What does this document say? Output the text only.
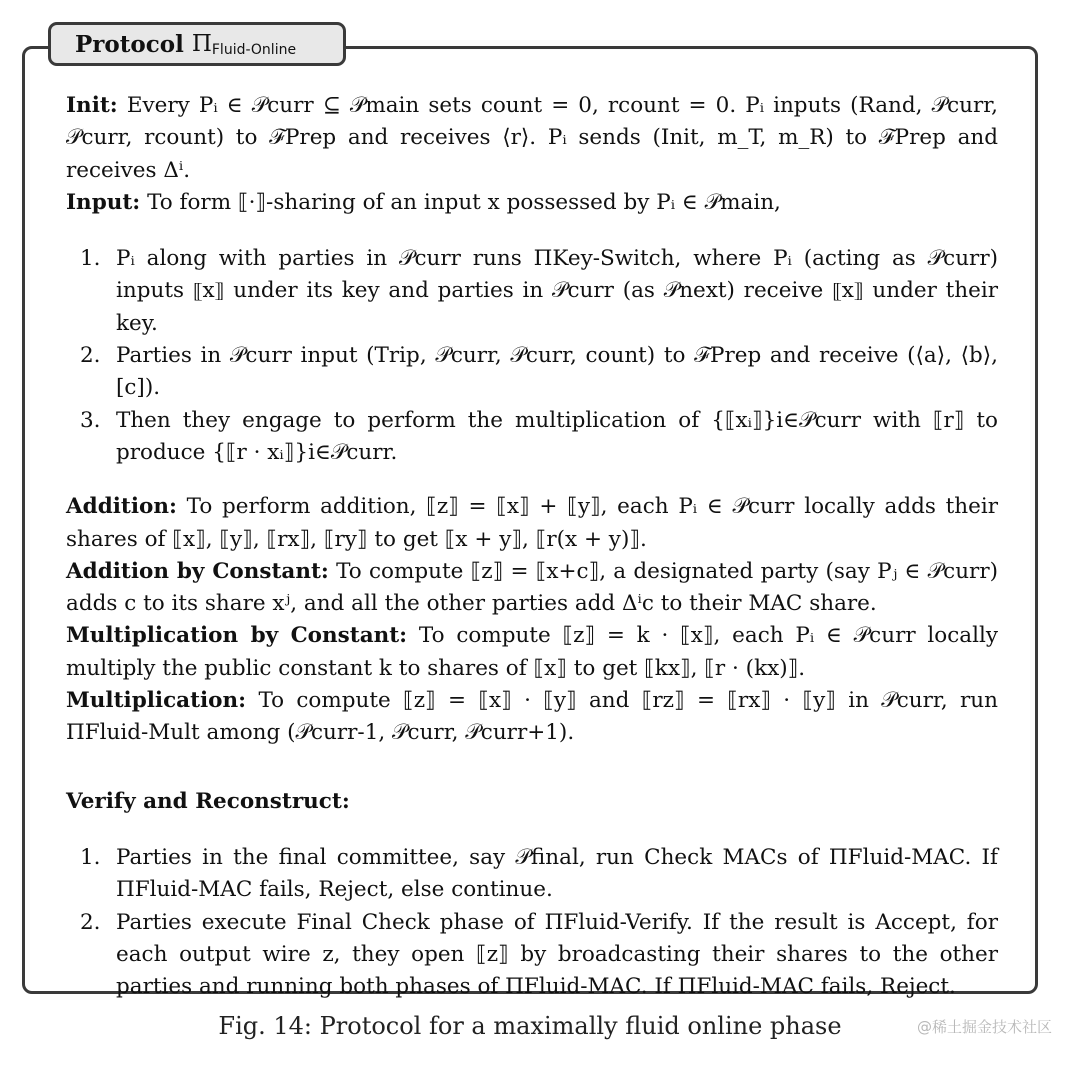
Protocol Π Fluid-Online

Init: Every Pᵢ ∈ 𝒫curr ⊆ 𝒫main sets count = 0, rcount = 0. Pᵢ inputs (Rand, 𝒫curr, 𝒫curr, rcount) to ℱPrep and receives ⟨r⟩. Pᵢ sends (Init, m_T, m_R) to ℱPrep and receives Δⁱ.

Input: To form ⟦·⟧-sharing of an input x possessed by Pᵢ ∈ 𝒫main,

1. Pᵢ along with parties in 𝒫curr runs ΠKey-Switch, where Pᵢ (acting as 𝒫curr) inputs ⟦x⟧ under its key and parties in 𝒫curr (as 𝒫next) receive ⟦x⟧ under their key.
2. Parties in 𝒫curr input (Trip, 𝒫curr, 𝒫curr, count) to ℱPrep and receive (⟨a⟩, ⟨b⟩, [c]).
3. Then they engage to perform the multiplication of {⟦xᵢ⟧}i∈𝒫curr with ⟦r⟧ to produce {⟦r · xᵢ⟧}i∈𝒫curr.

Addition: To perform addition, ⟦z⟧ = ⟦x⟧ + ⟦y⟧, each Pᵢ ∈ 𝒫curr locally adds their shares of ⟦x⟧, ⟦y⟧, ⟦rx⟧, ⟦ry⟧ to get ⟦x + y⟧, ⟦r(x + y)⟧.

Addition by Constant: To compute ⟦z⟧ = ⟦x+c⟧, a designated party (say Pⱼ ∈ 𝒫curr) adds c to its share xʲ, and all the other parties add Δⁱc to their MAC share.

Multiplication by Constant: To compute ⟦z⟧ = k · ⟦x⟧, each Pᵢ ∈ 𝒫curr locally multiply the public constant k to shares of ⟦x⟧ to get ⟦kx⟧, ⟦r · (kx)⟧.

Multiplication: To compute ⟦z⟧ = ⟦x⟧ · ⟦y⟧ and ⟦rz⟧ = ⟦rx⟧ · ⟦y⟧ in 𝒫curr, run ΠFluid-Mult among (𝒫curr-1, 𝒫curr, 𝒫curr+1).

Verify and Reconstruct:

1. Parties in the final committee, say 𝒫final, run Check MACs of ΠFluid-MAC. If ΠFluid-MAC fails, Reject, else continue.
2. Parties execute Final Check phase of ΠFluid-Verify. If the result is Accept, for each output wire z, they open ⟦z⟧ by broadcasting their shares to the other parties and running both phases of ΠFluid-MAC. If ΠFluid-MAC fails, Reject.
Fig. 14: Protocol for a maximally fluid online phase	@稀土掘金技术社区
